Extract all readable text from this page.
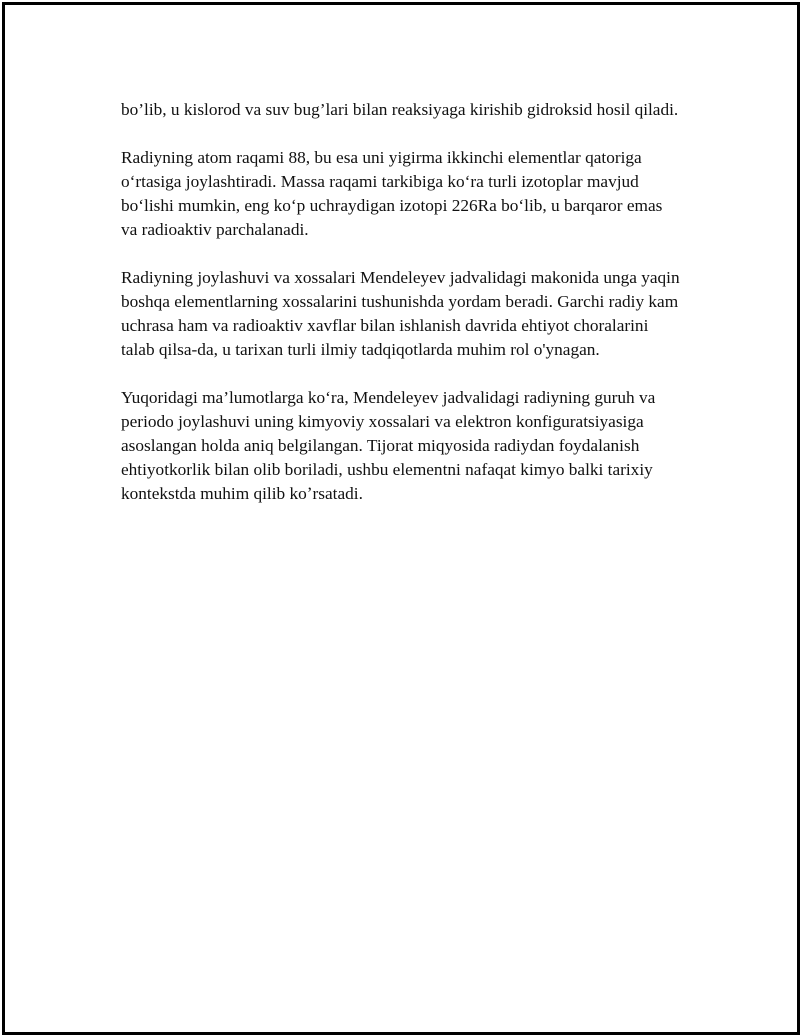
bo’lib, u kislorod va suv bug’lari bilan reaksiyaga kirishib gidroksid hosil qiladi.

Radiyning atom raqami 88, bu esa uni yigirma ikkinchi elementlar qatoriga oʻrtasiga joylashtiradi. Massa raqami tarkibiga koʻra turli izotoplar mavjud boʻlishi mumkin, eng koʻp uchraydigan izotopi 226Ra boʻlib, u barqaror emas va radioaktiv parchalanadi.

Radiyning joylashuvi va xossalari Mendeleyev jadvalidagi makonida unga yaqin boshqa elementlarning xossalarini tushunishda yordam beradi. Garchi radiy kam uchrasa ham va radioaktiv xavflar bilan ishlanish davrida ehtiyot choralarini talab qilsa-da, u tarixan turli ilmiy tadqiqotlarda muhim rol o'ynagan.

Yuqoridagi ma’lumotlarga koʻra, Mendeleyev jadvalidagi radiyning guruh va periodo joylashuvi uning kimyoviy xossalari va elektron konfiguratsiyasiga asoslangan holda aniq belgilangan. Tijorat miqyosida radiydan foydalanish ehtiyotkorlik bilan olib boriladi, ushbu elementni nafaqat kimyo balki tarixiy kontekstda muhim qilib koʼrsatadi.
